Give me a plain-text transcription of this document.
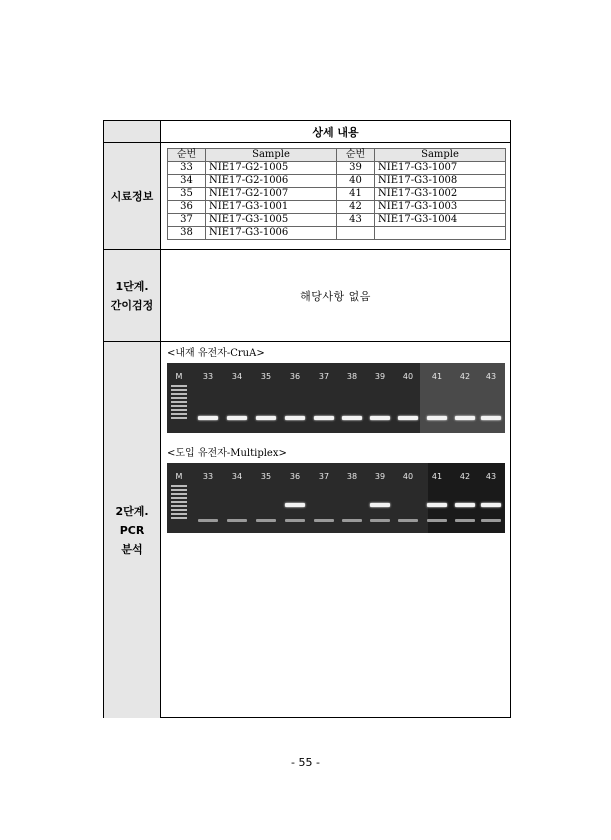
상세 내용
시료정보
순번	Sample	순번	Sample
33	NIE17-G2-1005	39	NIE17-G3-1007
34	NIE17-G2-1006	40	NIE17-G3-1008
35	NIE17-G2-1007	41	NIE17-G3-1002
36	NIE17-G3-1001	42	NIE17-G3-1003
37	NIE17-G3-1005	43	NIE17-G3-1004
38	NIE17-G3-1006		
1단계.
간이검정
해당사항 없음
2단계.
PCR
분석
<내재 유전자-CruA>
M	33	34	35	36	37	38	39	40	41	42	43
<도입 유전자-Multiplex>
M	33	34	35	36	37	38	39	40	41	42	43
- 55 -
